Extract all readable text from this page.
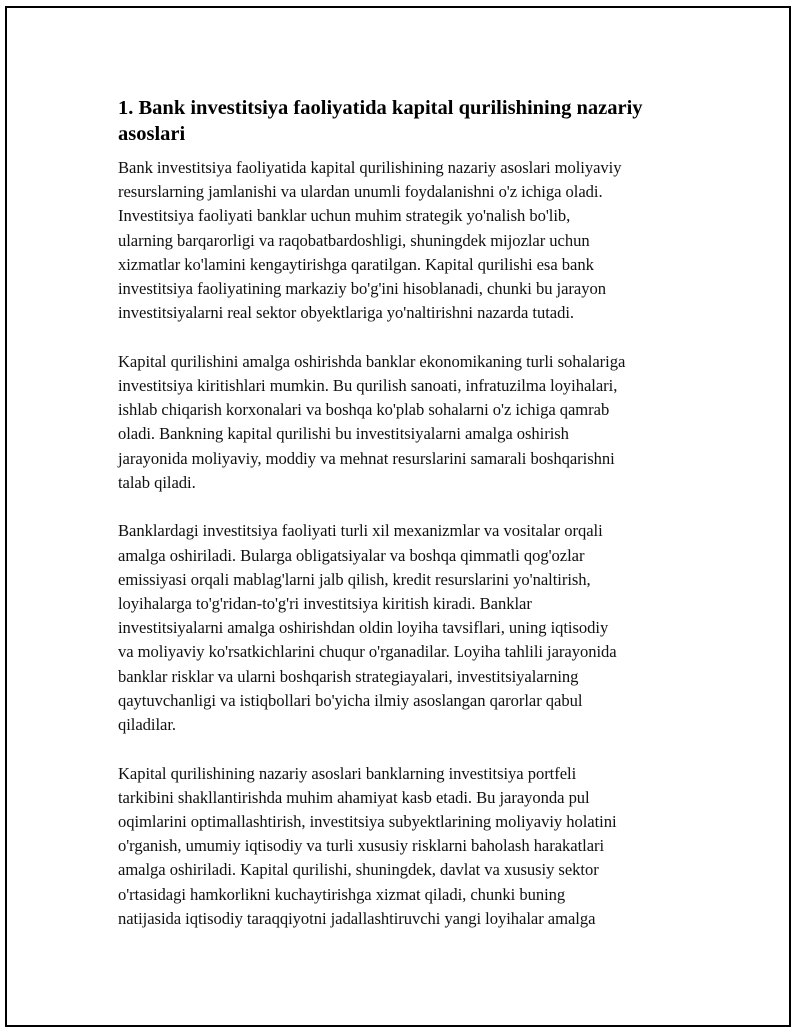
1. Bank investitsiya faoliyatida kapital qurilishining nazariy
asoslari

Bank investitsiya faoliyatida kapital qurilishining nazariy asoslari moliyaviy
resurslarning jamlanishi va ulardan unumli foydalanishni o'z ichiga oladi.
Investitsiya faoliyati banklar uchun muhim strategik yo'nalish bo'lib,
ularning barqarorligi va raqobatbardoshligi, shuningdek mijozlar uchun
xizmatlar ko'lamini kengaytirishga qaratilgan. Kapital qurilishi esa bank
investitsiya faoliyatining markaziy bo'g'ini hisoblanadi, chunki bu jarayon
investitsiyalarni real sektor obyektlariga yo'naltirishni nazarda tutadi.

Kapital qurilishini amalga oshirishda banklar ekonomikaning turli sohalariga
investitsiya kiritishlari mumkin. Bu qurilish sanoati, infratuzilma loyihalari,
ishlab chiqarish korxonalari va boshqa ko'plab sohalarni o'z ichiga qamrab
oladi. Bankning kapital qurilishi bu investitsiyalarni amalga oshirish
jarayonida moliyaviy, moddiy va mehnat resurslarini samarali boshqarishni
talab qiladi.

Banklardagi investitsiya faoliyati turli xil mexanizmlar va vositalar orqali
amalga oshiriladi. Bularga obligatsiyalar va boshqa qimmatli qog'ozlar
emissiyasi orqali mablag'larni jalb qilish, kredit resurslarini yo'naltirish,
loyihalarga to'g'ridan-to'g'ri investitsiya kiritish kiradi. Banklar
investitsiyalarni amalga oshirishdan oldin loyiha tavsiflari, uning iqtisodiy
va moliyaviy ko'rsatkichlarini chuqur o'rganadilar. Loyiha tahlili jarayonida
banklar risklar va ularni boshqarish strategiayalari, investitsiyalarning
qaytuvchanligi va istiqbollari bo'yicha ilmiy asoslangan qarorlar qabul
qiladilar.

Kapital qurilishining nazariy asoslari banklarning investitsiya portfeli
tarkibini shakllantirishda muhim ahamiyat kasb etadi. Bu jarayonda pul
oqimlarini optimallashtirish, investitsiya subyektlarining moliyaviy holatini
o'rganish, umumiy iqtisodiy va turli xususiy risklarni baholash harakatlari
amalga oshiriladi. Kapital qurilishi, shuningdek, davlat va xususiy sektor
o'rtasidagi hamkorlikni kuchaytirishga xizmat qiladi, chunki buning
natijasida iqtisodiy taraqqiyotni jadallashtiruvchi yangi loyihalar amalga
